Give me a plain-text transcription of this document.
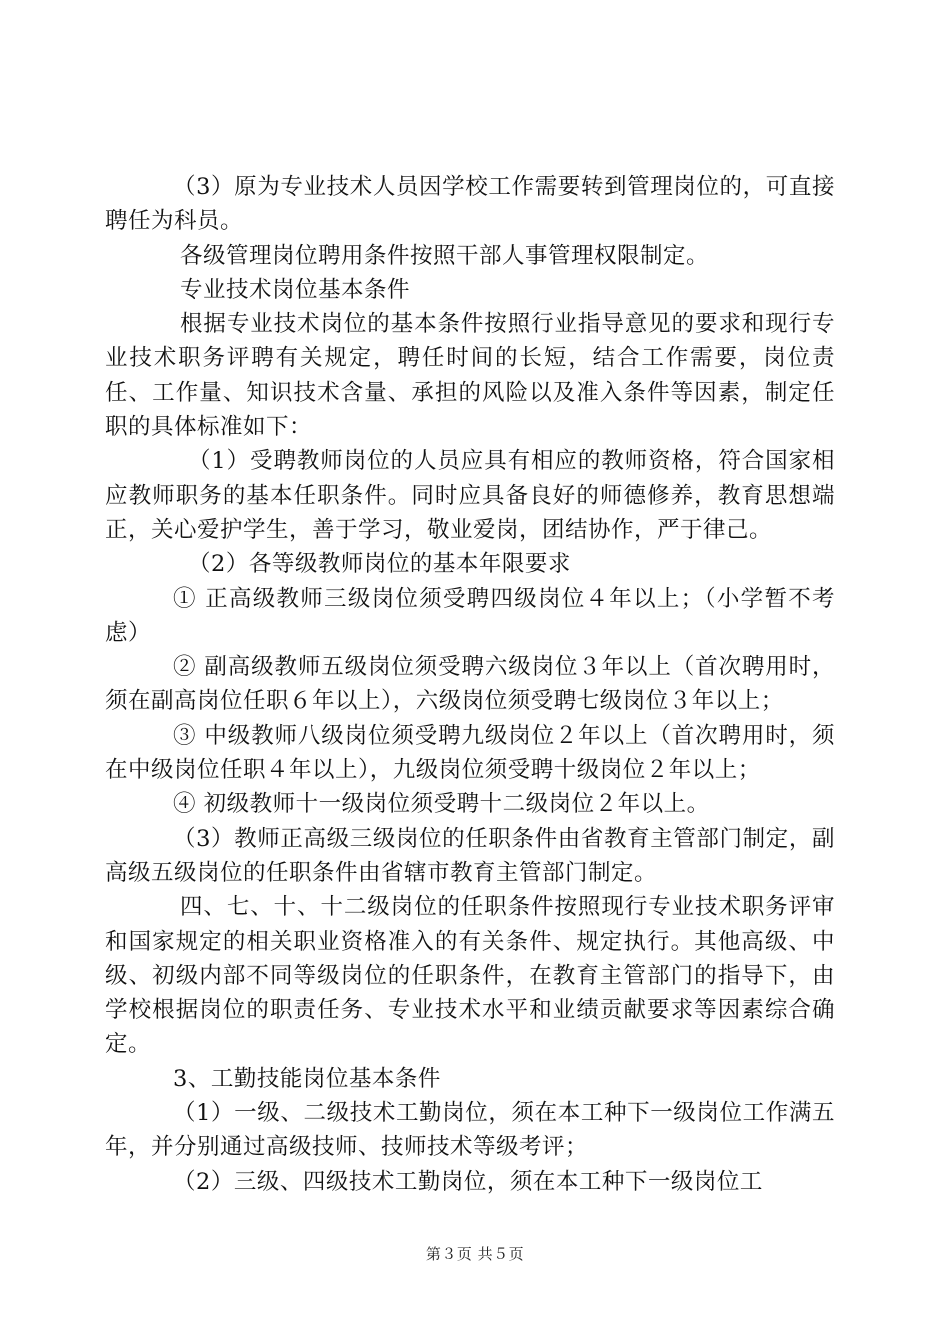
（3）原为专业技术人员因学校工作需要转到管理岗位的，可直接聘任为科员。

各级管理岗位聘用条件按照干部人事管理权限制定。

专业技术岗位基本条件

根据专业技术岗位的基本条件按照行业指导意见的要求和现行专业技术职务评聘有关规定，聘任时间的长短，结合工作需要，岗位责任、工作量、知识技术含量、承担的风险以及准入条件等因素，制定任职的具体标准如下：

（1）受聘教师岗位的人员应具有相应的教师资格，符合国家相应教师职务的基本任职条件。同时应具备良好的师德修养，教育思想端正，关心爱护学生，善于学习，敬业爱岗，团结协作，严于律己。

（2）各等级教师岗位的基本年限要求

① 正高级教师三级岗位须受聘四级岗位４年以上；（小学暂不考虑）

② 副高级教师五级岗位须受聘六级岗位３年以上（首次聘用时，须在副高岗位任职６年以上），六级岗位须受聘七级岗位３年以上；

③ 中级教师八级岗位须受聘九级岗位２年以上（首次聘用时，须在中级岗位任职４年以上），九级岗位须受聘十级岗位２年以上；

④ 初级教师十一级岗位须受聘十二级岗位２年以上。

（3）教师正高级三级岗位的任职条件由省教育主管部门制定，副高级五级岗位的任职条件由省辖市教育主管部门制定。

四、七、十、十二级岗位的任职条件按照现行专业技术职务评审和国家规定的相关职业资格准入的有关条件、规定执行。其他高级、中级、初级内部不同等级岗位的任职条件，在教育主管部门的指导下，由学校根据岗位的职责任务、专业技术水平和业绩贡献要求等因素综合确定。

3、工勤技能岗位基本条件

（1）一级、二级技术工勤岗位，须在本工种下一级岗位工作满五年，并分别通过高级技师、技师技术等级考评；

（2）三级、四级技术工勤岗位，须在本工种下一级岗位工

第３页 共５页
